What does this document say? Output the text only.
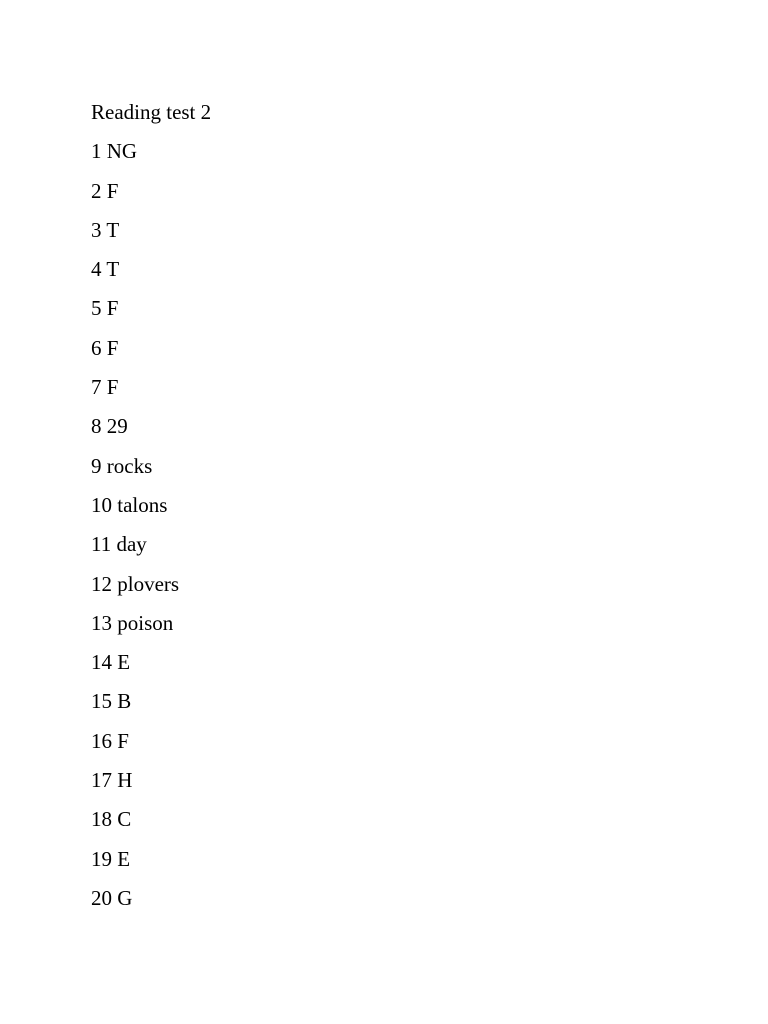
Reading test 2

1 NG

2 F

3 T

4 T

5 F

6 F

7 F

8 29

9 rocks

10 talons

11 day

12 plovers

13 poison

14 E

15 B

16 F

17 H

18 C

19 E

20 G
